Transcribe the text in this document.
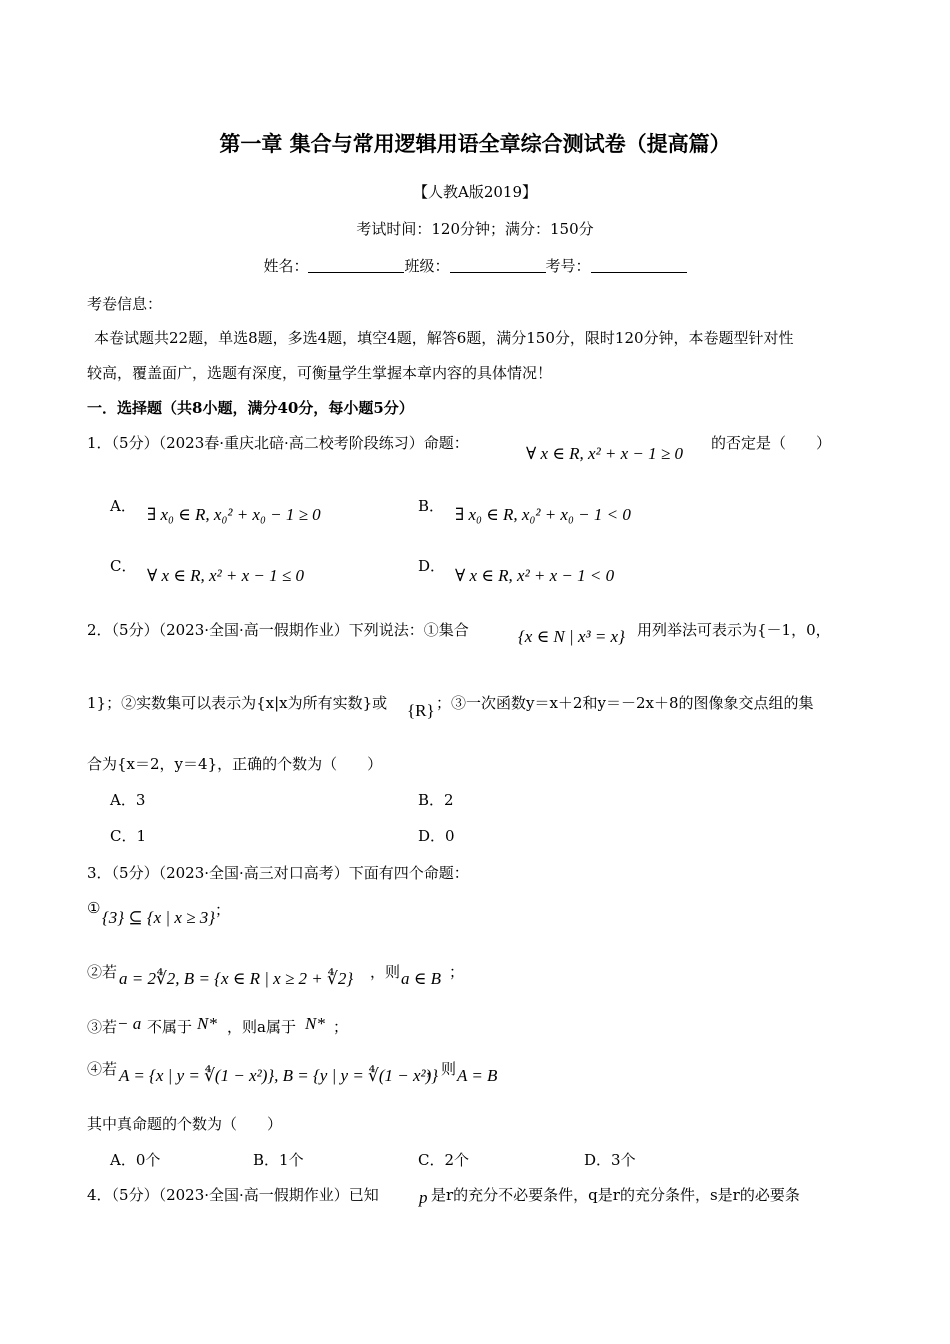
第一章 集合与常用逻辑用语全章综合测试卷（提高篇）
【人教A版2019】
考试时间：120分钟；满分：150分
姓名：	班级：	考号：
考卷信息：
本卷试题共22题，单选8题，多选4题，填空4题，解答6题，满分150分，限时120分钟，本卷题型针对性
较高，覆盖面广，选题有深度，可衡量学生掌握本章内容的具体情况！
一．选择题（共8小题，满分40分，每小题5分）
1．（5分）（2023春·重庆北碚·高二校考阶段练习）命题：
∀ x ∈ R, x² + x − 1 ≥ 0
的否定是（　　）
A． ∃ x₀ ∈ R, x₀² + x₀ − 1 ≥ 0	B． ∃ x₀ ∈ R, x₀² + x₀ − 1 < 0
C． ∀ x ∈ R, x² + x − 1 ≤ 0	D． ∀ x ∈ R, x² + x − 1 < 0
2．（5分）（2023·全国·高一假期作业）下列说法：①集合	{x ∈ N | x³ = x} 用列举法可表示为{－1，0，
1}；②实数集可以表示为{x|x为所有实数}或 {R} ；③一次函数y＝x＋2和y＝－2x＋8的图像象交点组的集
合为{x＝2，y＝4}，正确的个数为（　　）
A．3	B．2
C．1	D．0
3．（5分）（2023·全国·高三对口高考）下面有四个命题：
① {3} ⊆ {x | x ≥ 3} ；
②若 a = 2∜2, B = {x ∈ R | x ≥ 2 + ∜2} ，则 a ∈ B ；
③若 − a 不属于 N* ，则a属于 N* ；
④若 A = {x | y = ∜(1 − x²)}, B = {y | y = ∜(1 − x²)}
，则 A = B
其中真命题的个数为（　　）
A．0个	B．1个	C．2个	D．3个
4．（5分）（2023·全国·高一假期作业）已知 p 是r的充分不必要条件，q是r的充分条件，s是r的必要条
